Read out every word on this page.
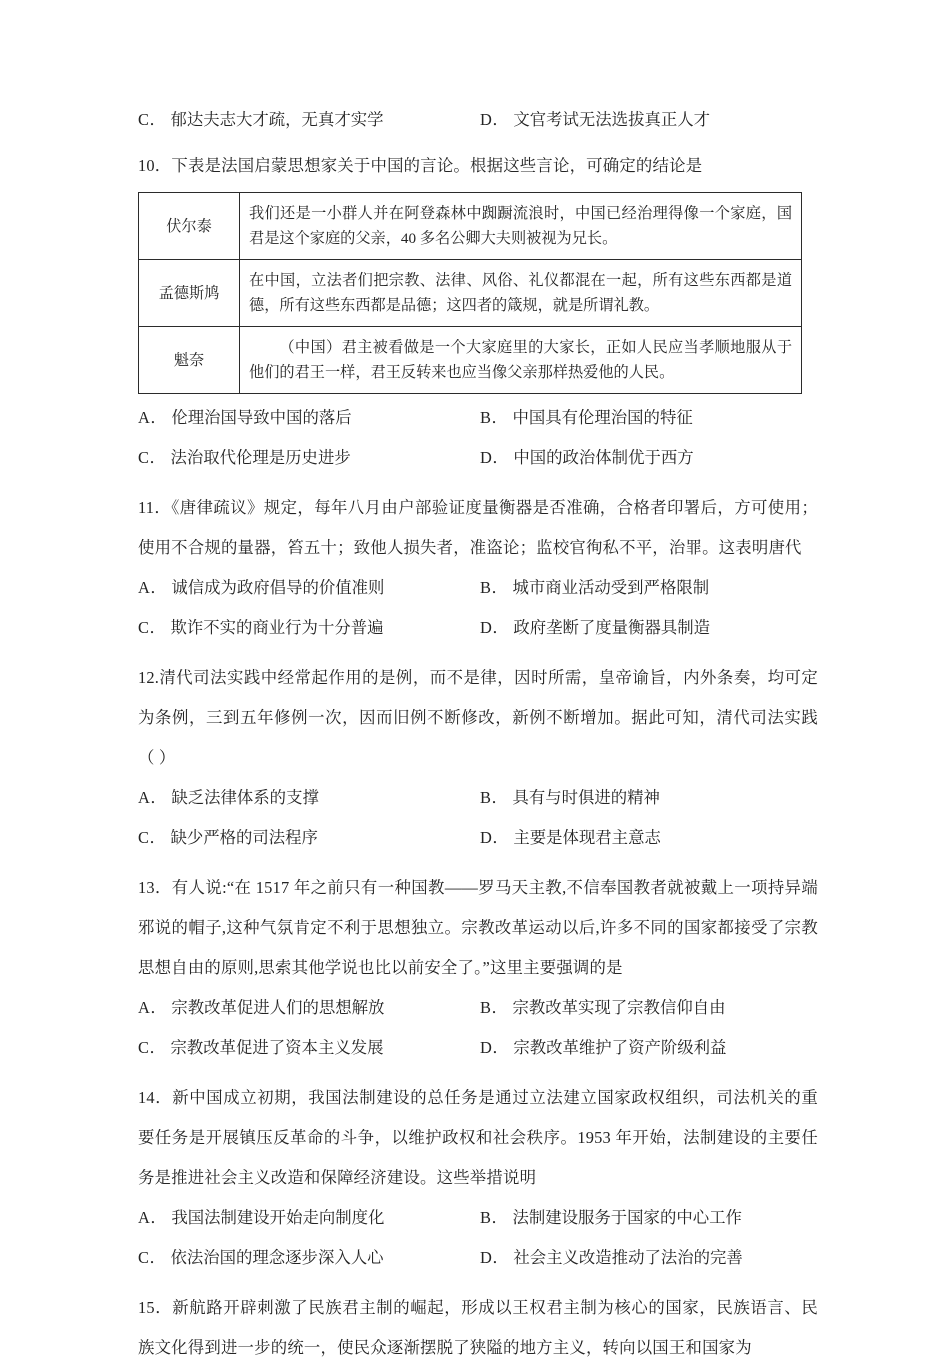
C ． 郁达夫志大才疏，无真才实学	D ． 文官考试无法选拔真正人才

10．下表是法国启蒙思想家关于中国的言论。根据这些言论，可确定的结论是

伏尔泰	我们还是一小群人并在阿登森林中踟蹰流浪时，中国已经治理得像一个家庭，国君是这个家庭的父亲，40 多名公卿大夫则被视为兄长。
孟德斯鸠	在中国，立法者们把宗教、法律、风俗、礼仪都混在一起，所有这些东西都是道德，所有这些东西都是品德；这四者的箴规，就是所谓礼教。
魁奈	（中国）君主被看做是一个大家庭里的大家长，正如人民应当孝顺地服从于他们的君王一样，君王反转来也应当像父亲那样热爱他的人民。
A ． 伦理治国导致中国的落后	B ． 中国具有伦理治国的特征
C ． 法治取代伦理是历史进步	D ． 中国的政治体制优于西方

11．《唐律疏议》规定，每年八月由户部验证度量衡器是否准确，合格者印署后，方可使用；使用不合规的量器，笞五十；致他人损失者，准盗论；监校官徇私不平，治罪。这表明唐代

A ． 诚信成为政府倡导的价值准则	B ． 城市商业活动受到严格限制
C ． 欺诈不实的商业行为十分普遍	D ． 政府垄断了度量衡器具制造

12.清代司法实践中经常起作用的是例，而不是律，因时所需，皇帝谕旨，内外条奏，均可定为条例，三到五年修例一次，因而旧例不断修改，新例不断增加。据此可知，清代司法实践（ ）

A ． 缺乏法律体系的支撑	B ． 具有与时俱进的精神
C ． 缺少严格的司法程序	D ． 主要是体现君主意志

13．有人说:“在 1517 年之前只有一种国教——罗马天主教,不信奉国教者就被戴上一项持异端邪说的帽子,这种气氛肯定不利于思想独立。宗教改革运动以后,许多不同的国家都接受了宗教思想自由的原则,思索其他学说也比以前安全了。”这里主要强调的是

A ． 宗教改革促进人们的思想解放	B ． 宗教改革实现了宗教信仰自由
C ． 宗教改革促进了资本主义发展	D ． 宗教改革维护了资产阶级利益

14．新中国成立初期，我国法制建设的总任务是通过立法建立国家政权组织，司法机关的重要任务是开展镇压反革命的斗争，以维护政权和社会秩序。1953 年开始，法制建设的主要任务是推进社会主义改造和保障经济建设。这些举措说明

A ． 我国法制建设开始走向制度化	B ． 法制建设服务于国家的中心工作
C ． 依法治国的理念逐步深入人心	D ． 社会主义改造推动了法治的完善

15．新航路开辟刺激了民族君主制的崛起，形成以王权君主制为核心的国家，民族语言、民族文化得到进一步的统一，使民众逐渐摆脱了狭隘的地方主义，转向以国王和国家为
